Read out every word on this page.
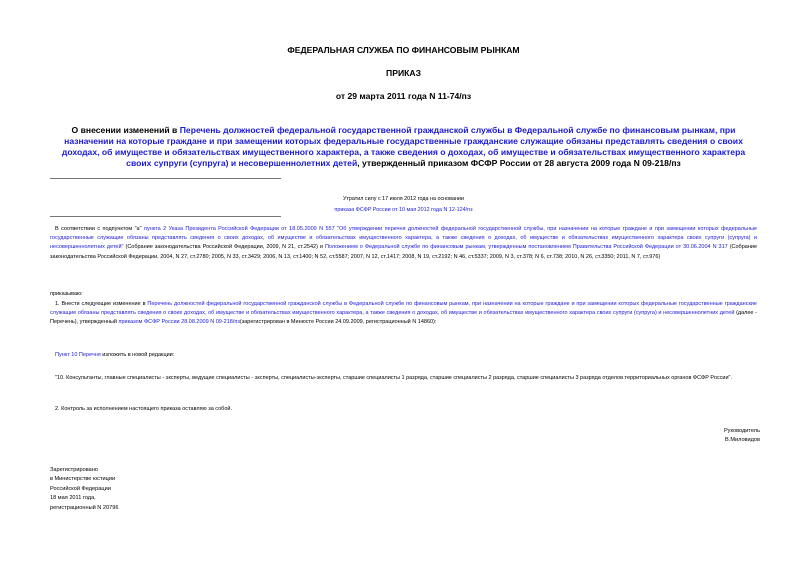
ФЕДЕРАЛЬНАЯ СЛУЖБА ПО ФИНАНСОВЫМ РЫНКАМ
ПРИКАЗ
от 29 марта 2011 года N 11-74/пз
О внесении изменений в Перечень должностей федеральной государственной гражданской службы в Федеральной службе по финансовым рынкам, при назначении на которые граждане и при замещении которых федеральные государственные гражданские служащие обязаны представлять сведения о своих доходах, об имуществе и обязательствах имущественного характера, а также сведения о доходах, об имуществе и обязательствах имущественного характера своих супруги (супруга) и несовершеннолетних детей, утвержденный приказом ФСФР России от 28 августа 2009 года N 09-218/пз
Утратил силу с 17 июля 2012 года на основании
приказа ФСФР России от 10 мая 2012 года N 12-124/пз
В соответствии с подпунктом "а" пункта 2 Указа Президента Российской Федерации от 18.05.2009 N 557 "Об утверждении перечня должностей федеральной государственной службы, при назначении на которые граждане и при замещении которых федеральные государственные служащие обязаны представлять сведения о своих доходах, об имуществе и обязательствах имущественного характера, а также сведения о доходах, об имуществе и обязательствах имущественного характера своих супруги (супруга) и несовершеннолетних детей" (Собрание законодательства Российской Федерации, 2009, N 21, ст.2542) и Положением о Федеральной службе по финансовым рынкам, утвержденным постановлением Правительства Российской Федерации от 30.06.2004 N 317 (Собрание законодательства Российской Федерации, 2004, N 27, ст.2780; 2005, N 33, ст.3429; 2006, N 13, ст.1400; N 52, ст.5587; 2007, N 12, ст.1417; 2008, N 19, ст.2192; N 46, ст.5337; 2009, N 3, ст.378; N 6, ст.738; 2010, N 26, ст.3350; 2011, N 7, ст.976)
приказываю:
1. Внести следующие изменение в Перечень должностей федеральной государственной гражданской службы в Федеральной службе по финансовым рынкам, при назначении на которые граждане и при замещении которых федеральные государственные гражданские служащие обязаны представлять сведения о своих доходах, об имуществе и обязательствах имущественного характера, а также сведения о доходах, об имуществе и обязательствах имущественного характера своих супруги (супруга) и несовершеннолетних детей (далее - Перечень), утвержденный приказом ФСФР России 28.08.2009 N 09-218/пз(зарегистрирован в Минюсте России 24.09.2009, регистрационный N 14860):
Пункт 10 Перечня изложить в новой редакции:
"10. Консультанты, главные специалисты - эксперты, ведущие специалисты - эксперты, специалисты-эксперты, старшие специалисты 1 разряда, старшие специалисты 2 разряда, старшие специалисты 3 разряда отделов территориальных органов ФСФР России".
2. Контроль за исполнением настоящего приказа оставляю за собой.
Руководитель
В.Миловидов
Зарегистрировано
в Министерстве юстиции
Российской Федерации
18 мая 2011 года,
регистрационный N 20796
